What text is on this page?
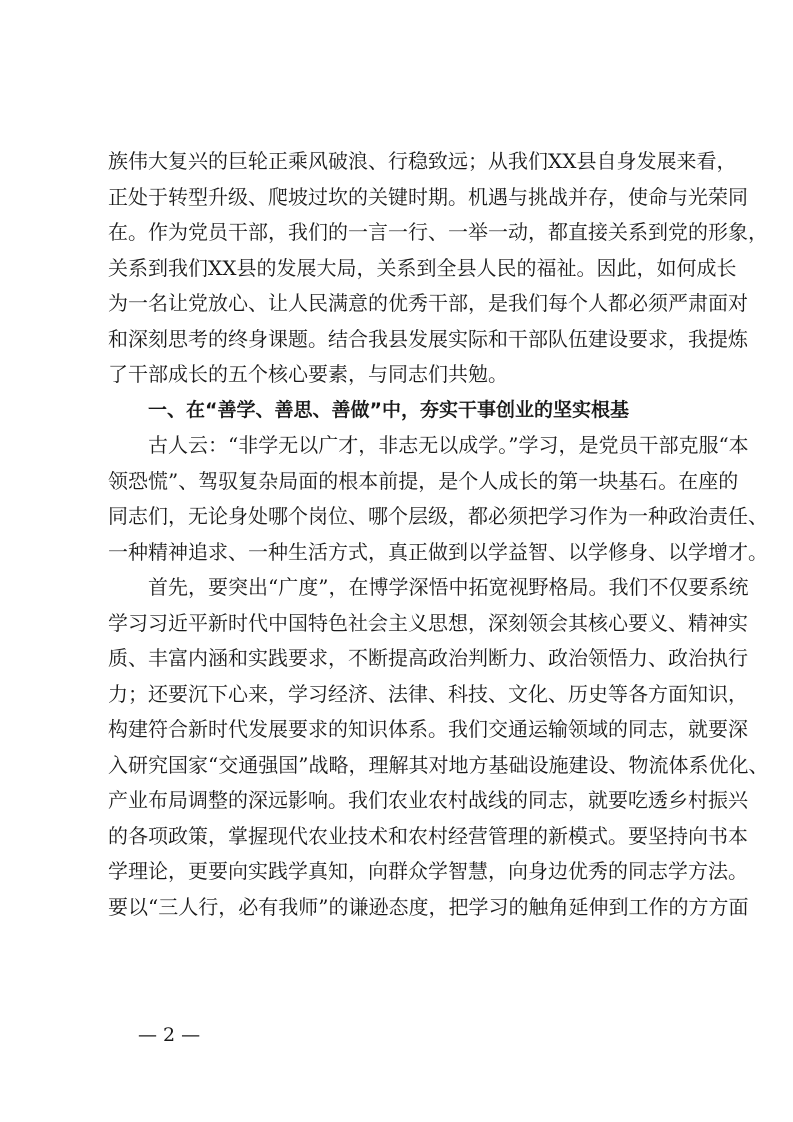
族伟大复兴的巨轮正乘风破浪、行稳致远；从我们XX县自身发展来看，
正处于转型升级、爬坡过坎的关键时期。机遇与挑战并存，使命与光荣同
在。作为党员干部，我们的一言一行、一举一动，都直接关系到党的形象，
关系到我们XX县的发展大局，关系到全县人民的福祉。因此，如何成长
为一名让党放心、让人民满意的优秀干部，是我们每个人都必须严肃面对
和深刻思考的终身课题。结合我县发展实际和干部队伍建设要求，我提炼
了干部成长的五个核心要素，与同志们共勉。
一、在“善学、善思、善做”中，夯实干事创业的坚实根基
古人云：“非学无以广才，非志无以成学。”学习，是党员干部克服“本
领恐慌”、驾驭复杂局面的根本前提，是个人成长的第一块基石。在座的
同志们，无论身处哪个岗位、哪个层级，都必须把学习作为一种政治责任、
一种精神追求、一种生活方式，真正做到以学益智、以学修身、以学增才。
首先，要突出“广度”，在博学深悟中拓宽视野格局。我们不仅要系统
学习习近平新时代中国特色社会主义思想，深刻领会其核心要义、精神实
质、丰富内涵和实践要求，不断提高政治判断力、政治领悟力、政治执行
力；还要沉下心来，学习经济、法律、科技、文化、历史等各方面知识，
构建符合新时代发展要求的知识体系。我们交通运输领域的同志，就要深
入研究国家“交通强国”战略，理解其对地方基础设施建设、物流体系优化、
产业布局调整的深远影响。我们农业农村战线的同志，就要吃透乡村振兴
的各项政策，掌握现代农业技术和农村经营管理的新模式。要坚持向书本
学理论，更要向实践学真知，向群众学智慧，向身边优秀的同志学方法。
要以“三人行，必有我师”的谦逊态度，把学习的触角延伸到工作的方方面
— 2 —
